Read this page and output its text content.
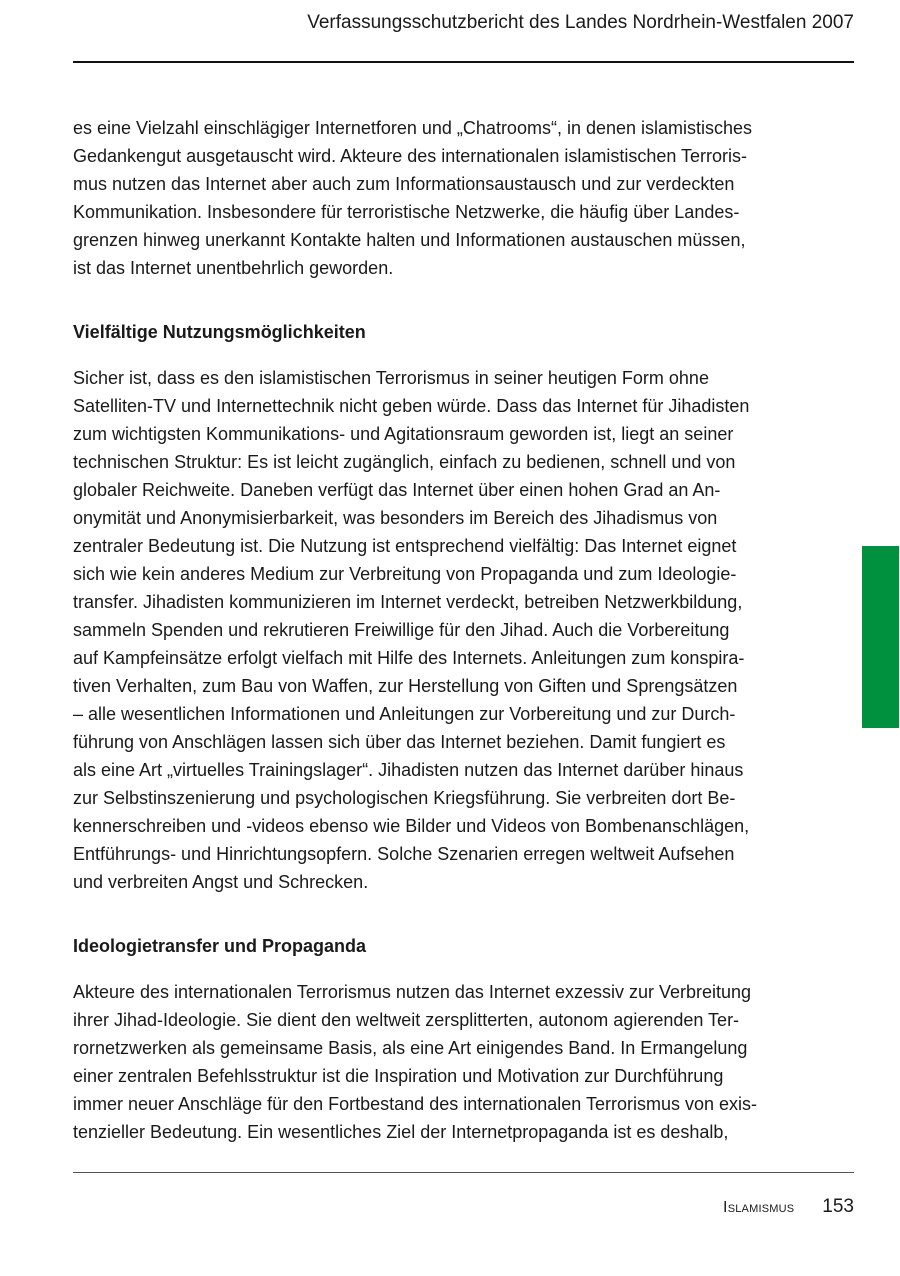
Verfassungsschutzbericht des Landes Nordrhein-Westfalen 2007
es eine Vielzahl einschlägiger Internetforen und „Chatrooms“, in denen islamistisches
Gedankengut ausgetauscht wird. Akteure des internationalen islamistischen Terroris-
mus nutzen das Internet aber auch zum Informationsaustausch und zur verdeckten
Kommunikation. Insbesondere für terroristische Netzwerke, die häufig über Landes-
grenzen hinweg unerkannt Kontakte halten und Informationen austauschen müssen,
ist das Internet unentbehrlich geworden.
Vielfältige Nutzungsmöglichkeiten
Sicher ist, dass es den islamistischen Terrorismus in seiner heutigen Form ohne
Satelliten-TV und Internettechnik nicht geben würde. Dass das Internet für Jihadisten
zum wichtigsten Kommunikations- und Agitationsraum geworden ist, liegt an seiner
technischen Struktur: Es ist leicht zugänglich, einfach zu bedienen, schnell und von
globaler Reichweite. Daneben verfügt das Internet über einen hohen Grad an An-
onymität und Anonymisierbarkeit, was besonders im Bereich des Jihadismus von
zentraler Bedeutung ist. Die Nutzung ist entsprechend vielfältig: Das Internet eignet
sich wie kein anderes Medium zur Verbreitung von Propaganda und zum Ideologie-
transfer. Jihadisten kommunizieren im Internet verdeckt, betreiben Netzwerkbildung,
sammeln Spenden und rekrutieren Freiwillige für den Jihad. Auch die Vorbereitung
auf Kampfeinsätze erfolgt vielfach mit Hilfe des Internets. Anleitungen zum konspira-
tiven Verhalten, zum Bau von Waffen, zur Herstellung von Giften und Sprengsätzen
– alle wesentlichen Informationen und Anleitungen zur Vorbereitung und zur Durch-
führung von Anschlägen lassen sich über das Internet beziehen. Damit fungiert es
als eine Art „virtuelles Trainingslager“. Jihadisten nutzen das Internet darüber hinaus
zur Selbstinszenierung und psychologischen Kriegsführung. Sie verbreiten dort Be-
kennerschreiben und -videos ebenso wie Bilder und Videos von Bombenanschlägen,
Entführungs- und Hinrichtungsopfern. Solche Szenarien erregen weltweit Aufsehen
und verbreiten Angst und Schrecken.
Ideologietransfer und Propaganda
Akteure des internationalen Terrorismus nutzen das Internet exzessiv zur Verbreitung
ihrer Jihad-Ideologie. Sie dient den weltweit zersplitterten, autonom agierenden Ter-
rornetzwerken als gemeinsame Basis, als eine Art einigendes Band. In Ermangelung
einer zentralen Befehlsstruktur ist die Inspiration und Motivation zur Durchführung
immer neuer Anschläge für den Fortbestand des internationalen Terrorismus von exis-
tenzieller Bedeutung. Ein wesentliches Ziel der Internetpropaganda ist es deshalb,
Islamismus 153
